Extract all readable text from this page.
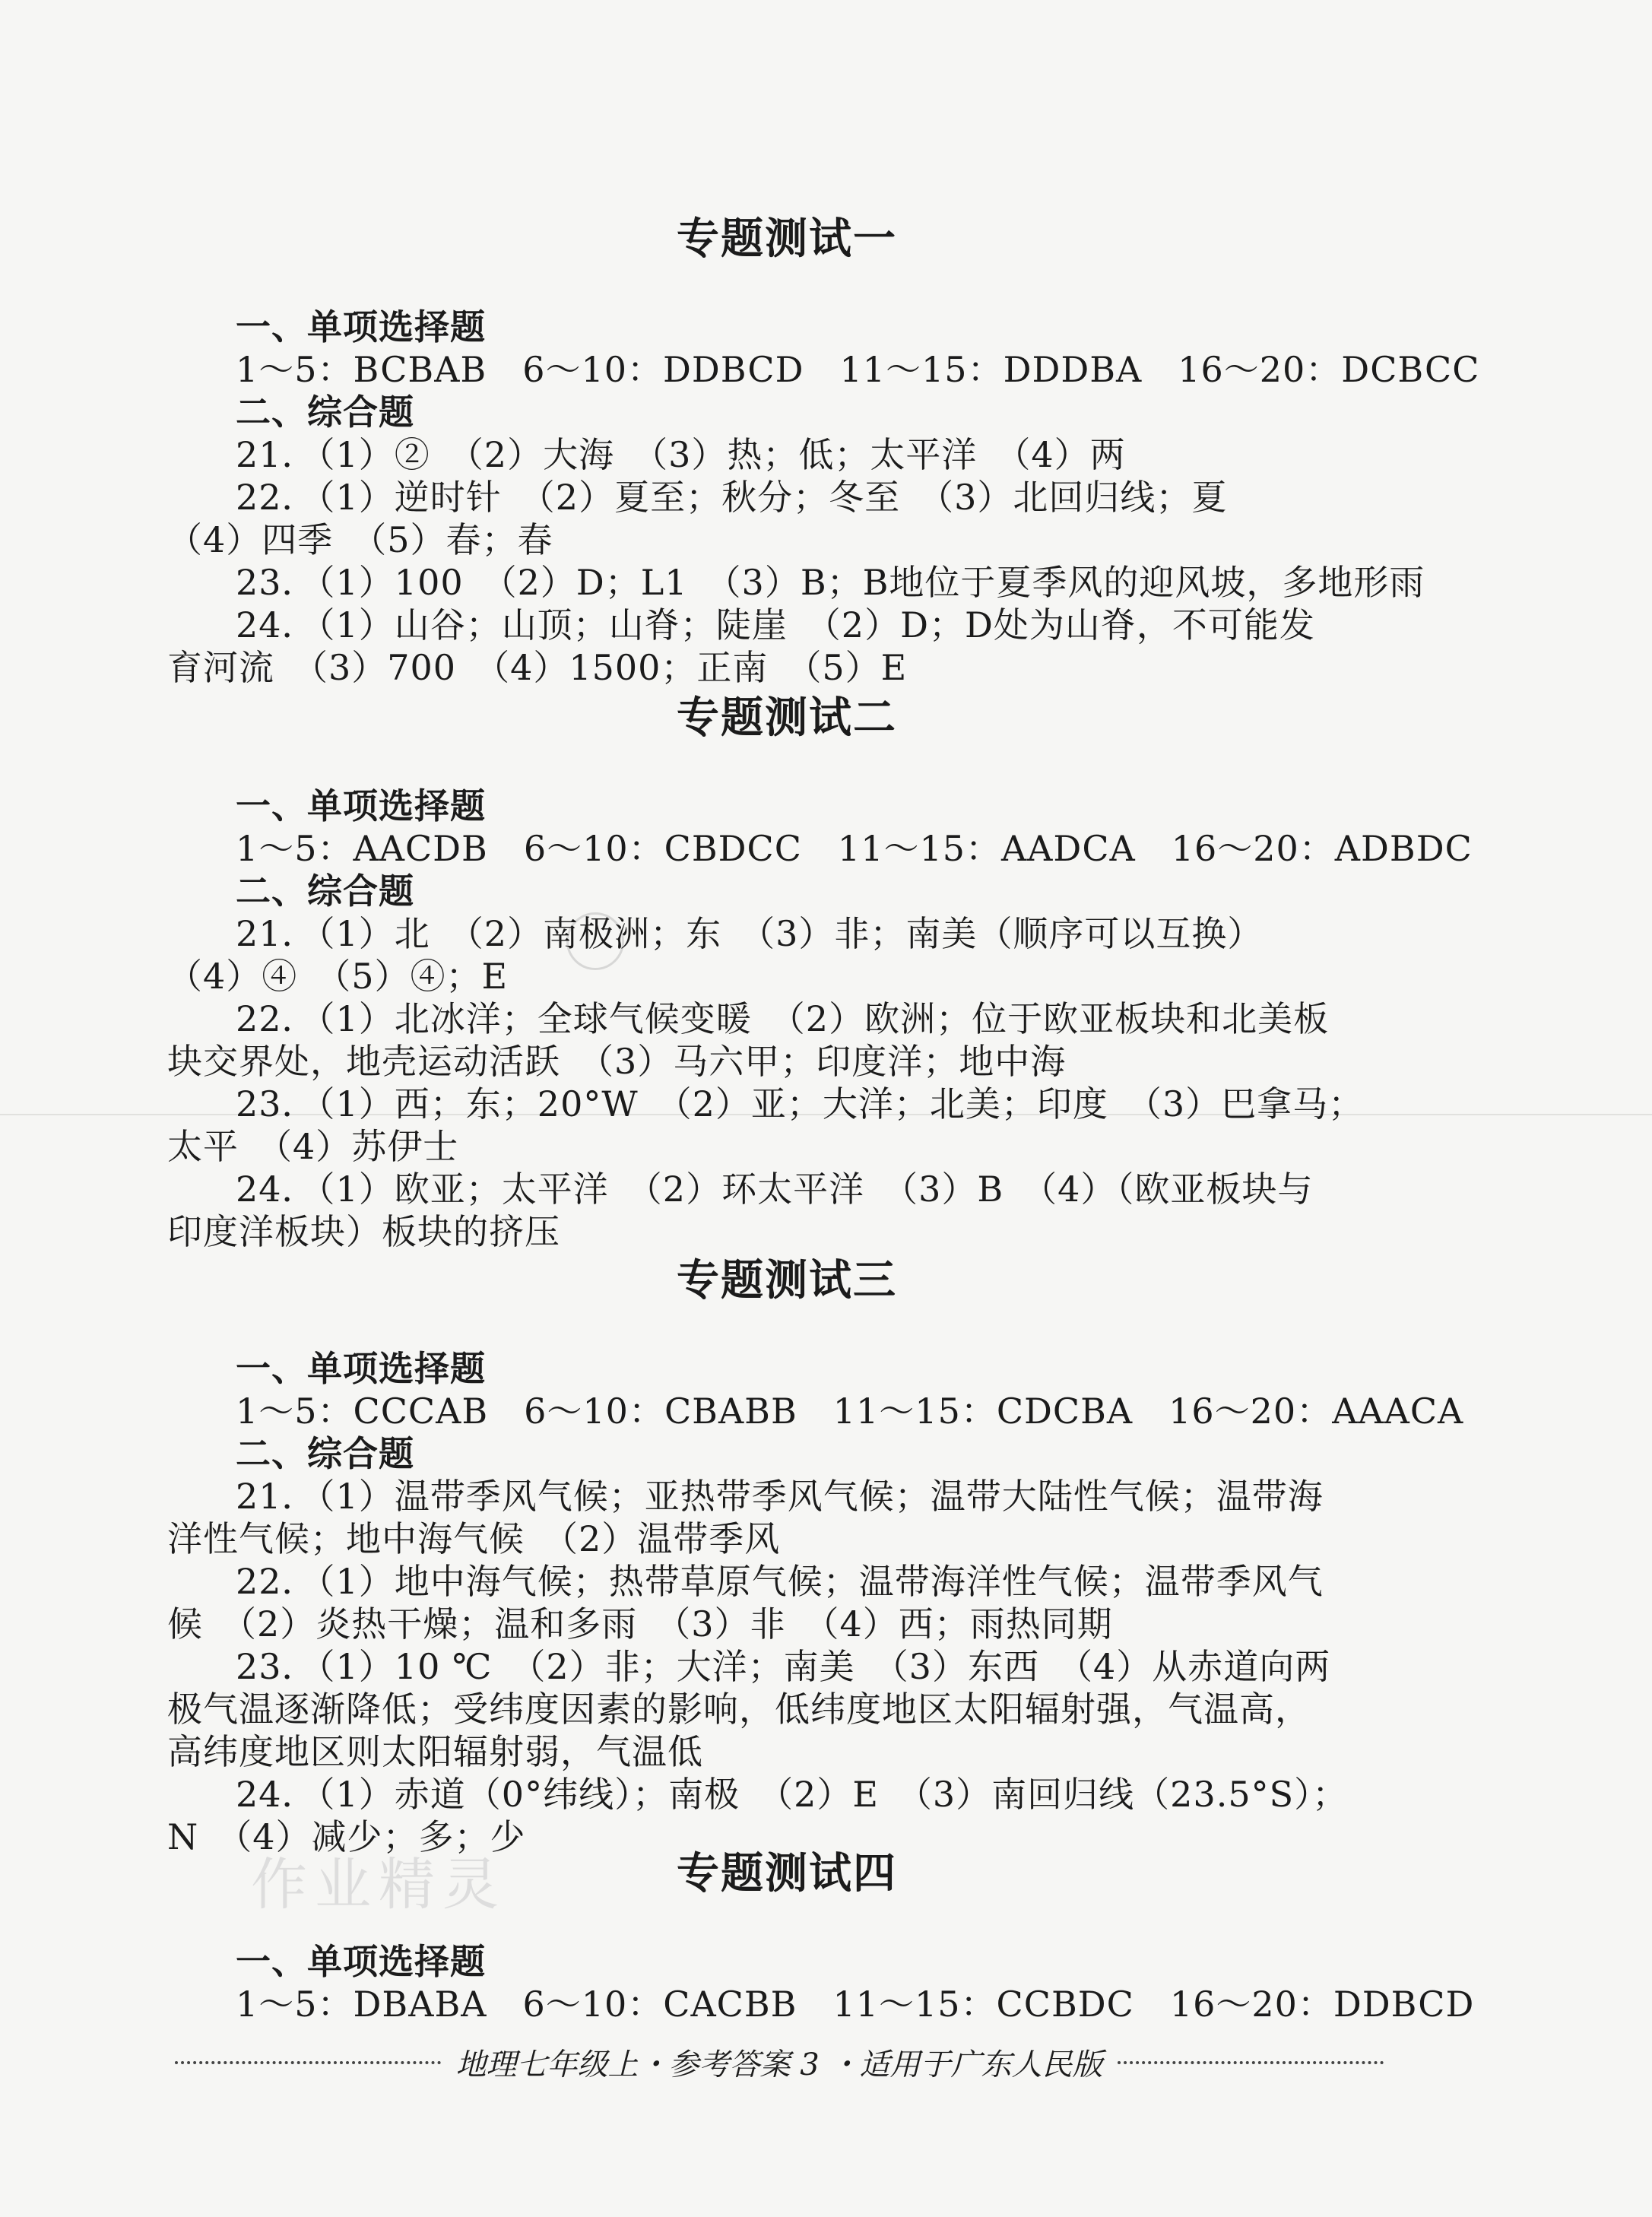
作业精灵
专题测试一
一、单项选择题
1～5：BCBAB　6～10：DDBCD　11～15：DDDBA　16～20：DCBCC
二、综合题
21．（1）②　（2）大海　（3）热；低；太平洋　（4）两
22．（1）逆时针　（2）夏至；秋分；冬至　（3）北回归线；夏
（4）四季　（5）春；春
23．（1）100　（2）D；L1　（3）B；B地位于夏季风的迎风坡，多地形雨
24．（1）山谷；山顶；山脊；陡崖　（2）D；D处为山脊，不可能发
育河流　（3）700　（4）1500；正南　（5）E
专题测试二
一、单项选择题
1～5：AACDB　6～10：CBDCC　11～15：AADCA　16～20：ADBDC
二、综合题
21．（1）北　（2）南极洲；东　（3）非；南美（顺序可以互换）
（4）④　（5）④；E
22．（1）北冰洋；全球气候变暖　（2）欧洲；位于欧亚板块和北美板
块交界处，地壳运动活跃　（3）马六甲；印度洋；地中海
23．（1）西；东；20°W　（2）亚；大洋；北美；印度　（3）巴拿马；
太平　（4）苏伊士
24．（1）欧亚；太平洋　（2）环太平洋　（3）B　（4）（欧亚板块与
印度洋板块）板块的挤压
专题测试三
一、单项选择题
1～5：CCCAB　6～10：CBABB　11～15：CDCBA　16～20：AAACA
二、综合题
21．（1）温带季风气候；亚热带季风气候；温带大陆性气候；温带海
洋性气候；地中海气候　（2）温带季风
22．（1）地中海气候；热带草原气候；温带海洋性气候；温带季风气
候　（2）炎热干燥；温和多雨　（3）非　（4）西；雨热同期
23．（1）10 ℃　（2）非；大洋；南美　（3）东西　（4）从赤道向两
极气温逐渐降低；受纬度因素的影响，低纬度地区太阳辐射强，气温高，
高纬度地区则太阳辐射弱，气温低
24．（1）赤道（0°纬线）；南极　（2）E　（3）南回归线（23.5°S）；
N　（4）减少；多；少
专题测试四
一、单项选择题
1～5：DBABA　6～10：CACBB　11～15：CCBDC　16～20：DDBCD
地理七年级上・参考答案 3 ・适用于广东人民版
